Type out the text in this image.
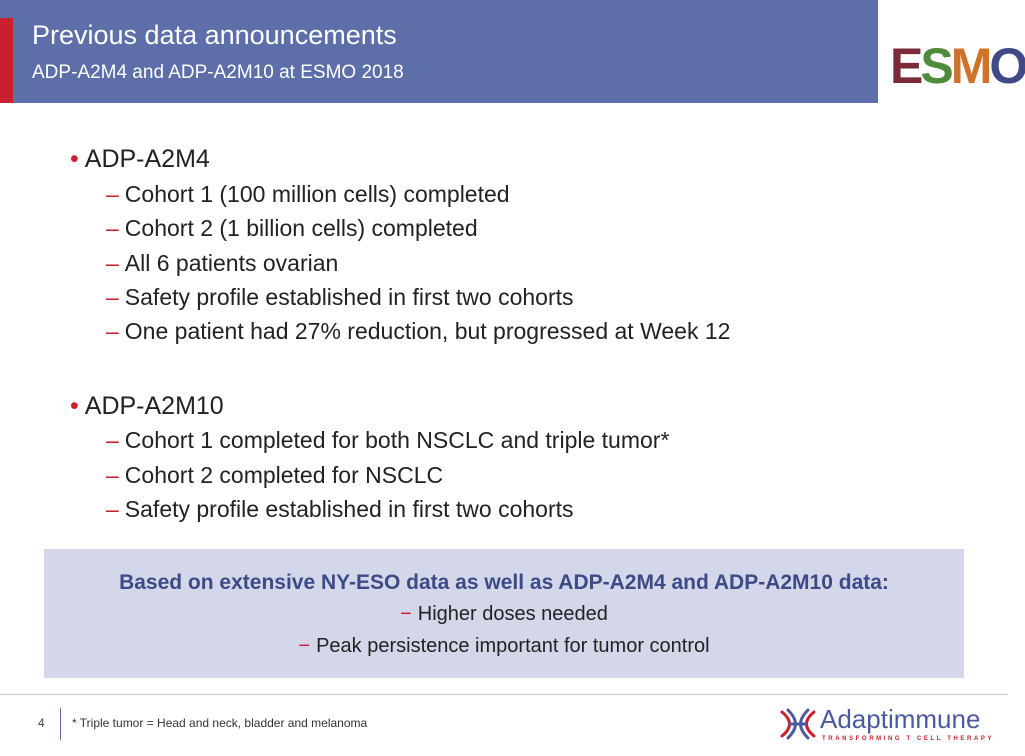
Previous data announcements
ADP-A2M4 and ADP-A2M10 at ESMO 2018	E S M O
• ADP-A2M4
– Cohort 1 (100 million cells) completed
– Cohort 2 (1 billion cells) completed
– All 6 patients ovarian
– Safety profile established in first two cohorts
– One patient had 27% reduction, but progressed at Week 12
• ADP-A2M10
– Cohort 1 completed for both NSCLC and triple tumor*
– Cohort 2 completed for NSCLC
– Safety profile established in first two cohorts
Based on extensive NY-ESO data as well as ADP-A2M4 and ADP-A2M10 data:
− Higher doses needed
− Peak persistence important for tumor control
4 * Triple tumor = Head and neck, bladder and melanoma	Adaptimmune
TRANSFORMING T CELL THERAPY
